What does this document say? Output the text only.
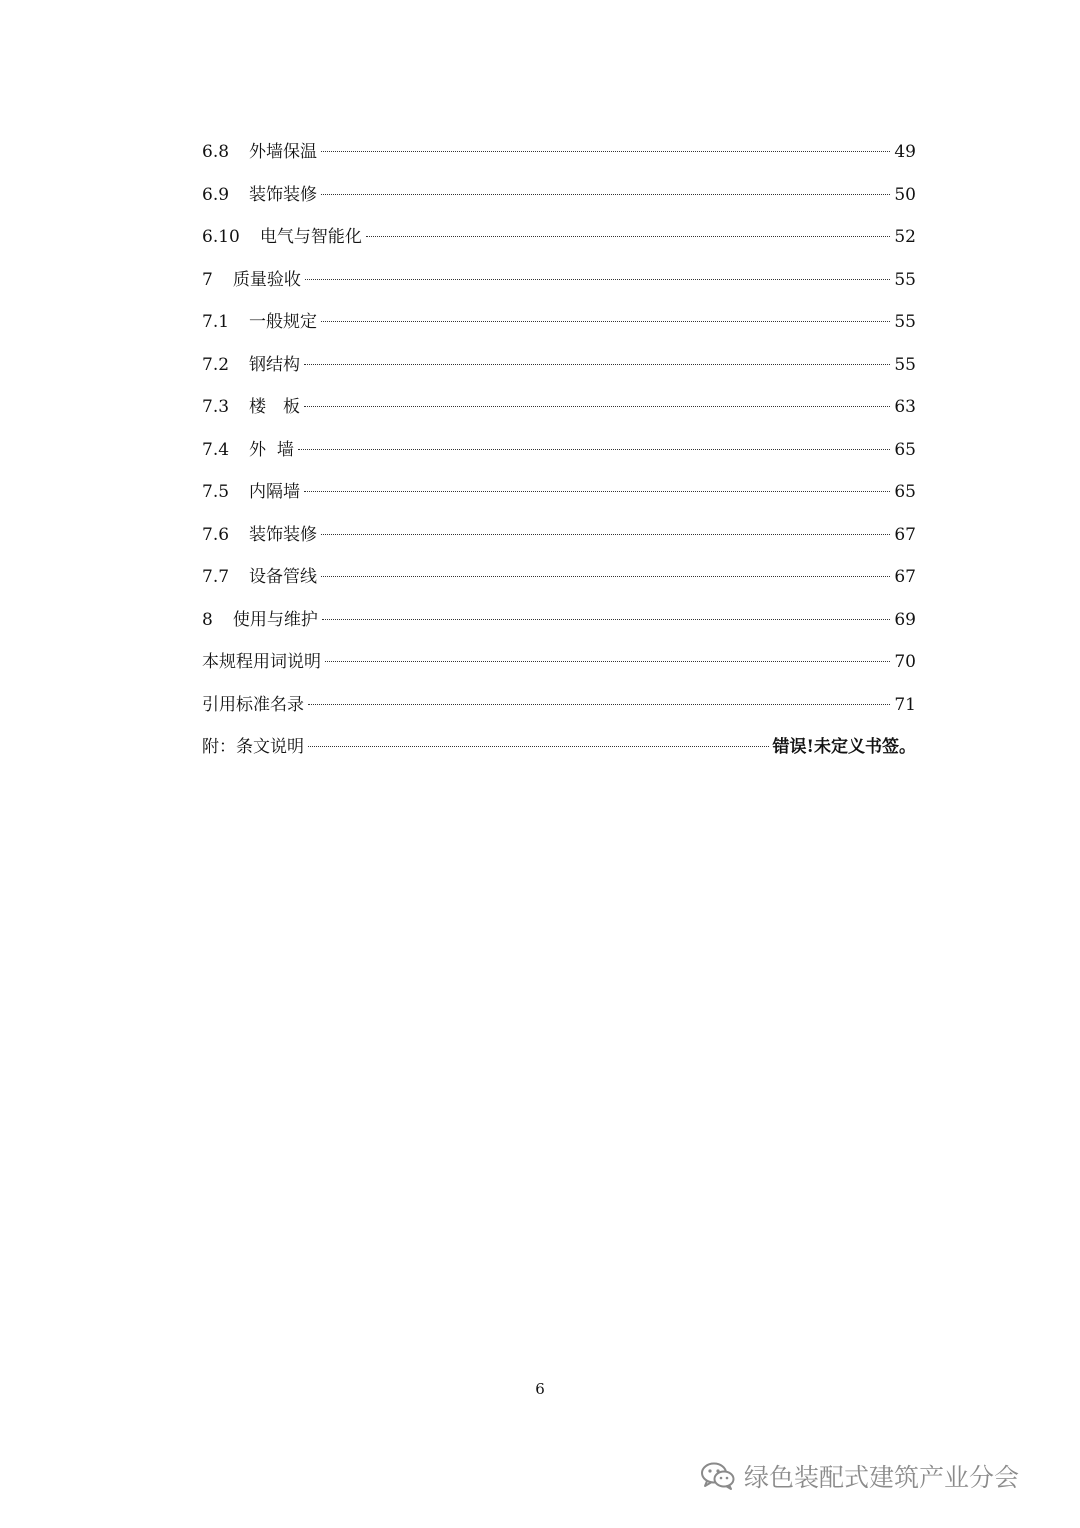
6.8 外墙保温	49
6.9 装饰装修	50
6.10 电气与智能化	52
7 质量验收	55
7.1 一般规定	55
7.2 钢结构	55
7.3 楼　板	63
7.4 外  墙	65
7.5 内隔墙	65
7.6 装饰装修	67
7.7 设备管线	67
8 使用与维护	69
本规程用词说明	70
引用标准名录	71
附：条文说明	错误!未定义书签。
6
绿色装配式建筑产业分会
